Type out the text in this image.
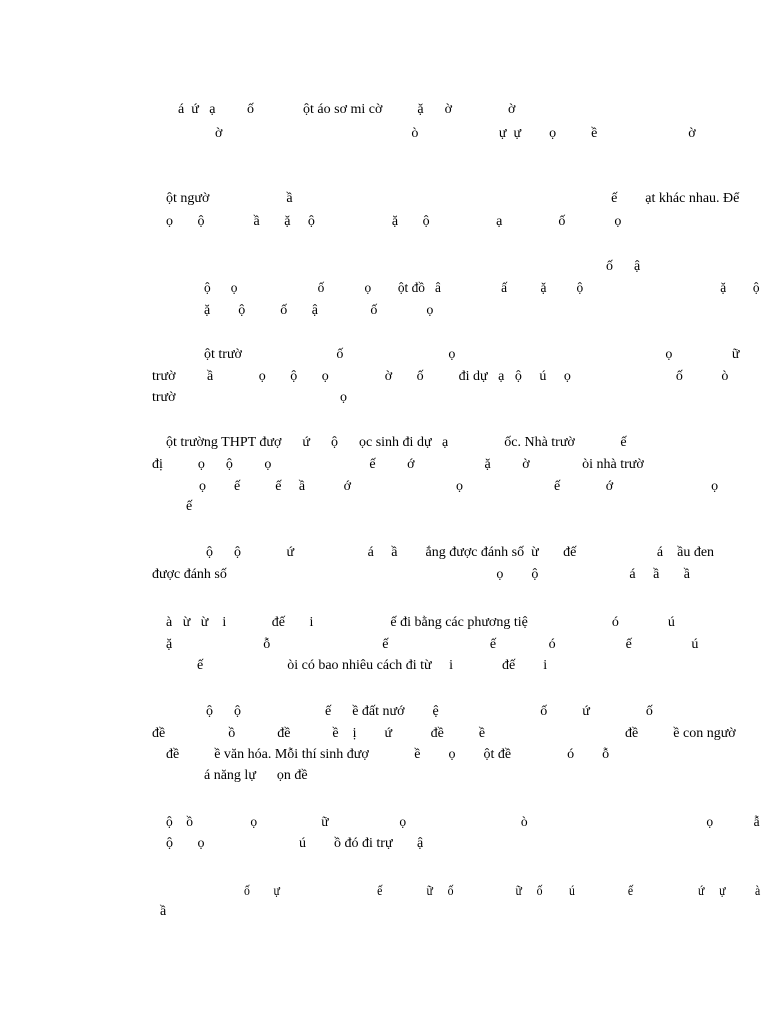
á  ứ   ạ         ố              ột áo sơ mi cờ          ặ      ờ                ờ
ờ                                                      ò                       ự  ự        ọ          ề                          ờ
ột ngườ                      ầ                                                                                           ế        ạt khác nhau. Để
ọ       ộ              ầ       ặ     ộ                      ặ       ộ                   ạ                ố              ọ
ố      ậ
ộ      ọ                        ố            ọ        ột đồ   â                  ấ          ặ         ộ                                         ặ        ộ
ặ        ộ          ố       ậ               ố              ọ
ột trườ                           ố                              ọ                                                            ọ                 ữ
trườ         ầ             ọ       ộ       ọ                ờ       ố          đi dự   ạ   ộ     ú     ọ                              ố           ò
trườ                                               ọ
ột trường THPT đượ      ứ      ộ      ọc sinh đi dự   ạ                ốc. Nhà trườ             ế
đị          ọ      ộ         ọ                            ế         ớ                    ặ         ờ               òi nhà trườ
ọ        ế          ế     ầ           ớ                              ọ                          ế             ớ                            ọ
ế
ộ      ộ             ứ                     á     ầ        ắng được đánh số  ừ       đế                       á    ầu đen
được đánh số                                                                             ọ        ộ                          á     ầ       ầ
à   ừ   ừ    i             đế       i                      ế đi bằng các phương tiệ                        ó              ú
ặ                          ỗ                                ế                             ế               ó                    ế                 ú
ế                        òi có bao nhiêu cách đi từ     i              đế        i
ộ      ộ                        ế      ề đất nướ        ệ                             ố          ứ                ố
đề                  ồ            đề            ề    ị        ứ           đề          ề                                        đề          ề con ngườ
đề          ề văn hóa. Mỗi thí sinh đượ             ề        ọ        ột đề                ó        ỗ
á năng lự      ọn đề
ộ    ồ                 ọ                   ữ                     ọ                                  ò                                                     ọ            ẫ
ộ       ọ                           ú        ồ đó đi trự       ậ
ố        ự                                 ế               ữ     ố                     ữ     ố         ú                  ế                      ứ     ự          à
ầ
